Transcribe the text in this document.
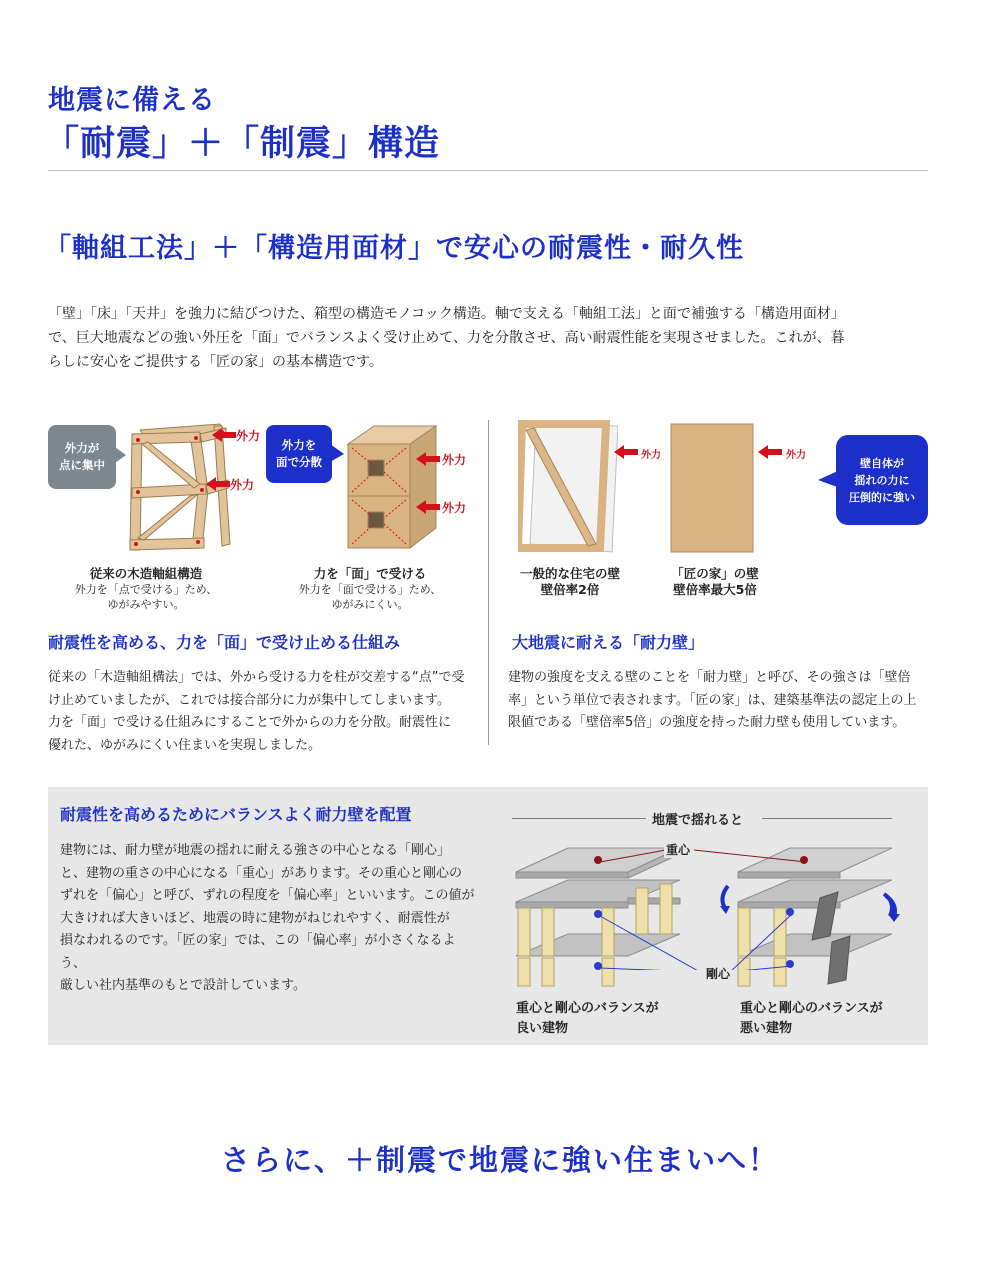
地震に備える
「耐震」＋「制震」構造
「軸組工法」＋「構造用面材」で安心の耐震性・耐久性
「壁」「床」「天井」を強力に結びつけた、箱型の構造モノコック構造。軸で支える「軸組工法」と面で補強する「構造用面材」
で、巨大地震などの強い外圧を「面」でバランスよく受け止めて、力を分散させ、高い耐震性能を実現させました。これが、暮
らしに安心をご提供する「匠の家」の基本構造です。
外力が
点に集中
外力
外力
外力を
面で分散	外力
外力
従来の木造軸組構造
外力を「点で受ける」ため、
ゆがみやすい。
力を「面」で受ける
外力を「面で受ける」ため、
ゆがみにくい。
耐震性を高める、力を「面」で受け止める仕組み
従来の「木造軸組構法」では、外から受ける力を柱が交差する“点”で受
け止めていましたが、これでは接合部分に力が集中してしまいます。
力を「面」で受ける仕組みにすることで外からの力を分散。耐震性に
優れた、ゆがみにくい住まいを実現しました。
外力	外力
壁自体が
揺れの力に
圧倒的に強い
一般的な住宅の壁
壁倍率2倍
「匠の家」の壁
壁倍率最大5倍
大地震に耐える「耐力壁」
建物の強度を支える壁のことを「耐力壁」と呼び、その強さは「壁倍
率」という単位で表されます。「匠の家」は、建築基準法の認定上の上
限値である「壁倍率5倍」の強度を持った耐力壁も使用しています。
耐震性を高めるためにバランスよく耐力壁を配置
建物には、耐力壁が地震の揺れに耐える強さの中心となる「剛心」
と、建物の重さの中心になる「重心」があります。その重心と剛心の
ずれを「偏心」と呼び、ずれの程度を「偏心率」といいます。この値が
大きければ大きいほど、地震の時に建物がねじれやすく、耐震性が
損なわれるのです。「匠の家」では、この「偏心率」が小さくなるよう、
厳しい社内基準のもとで設計しています。
地震で揺れると
重心
剛心
重心と剛心のバランスが
良い建物
重心と剛心のバランスが
悪い建物
さらに、＋制震で地震に強い住まいへ！
